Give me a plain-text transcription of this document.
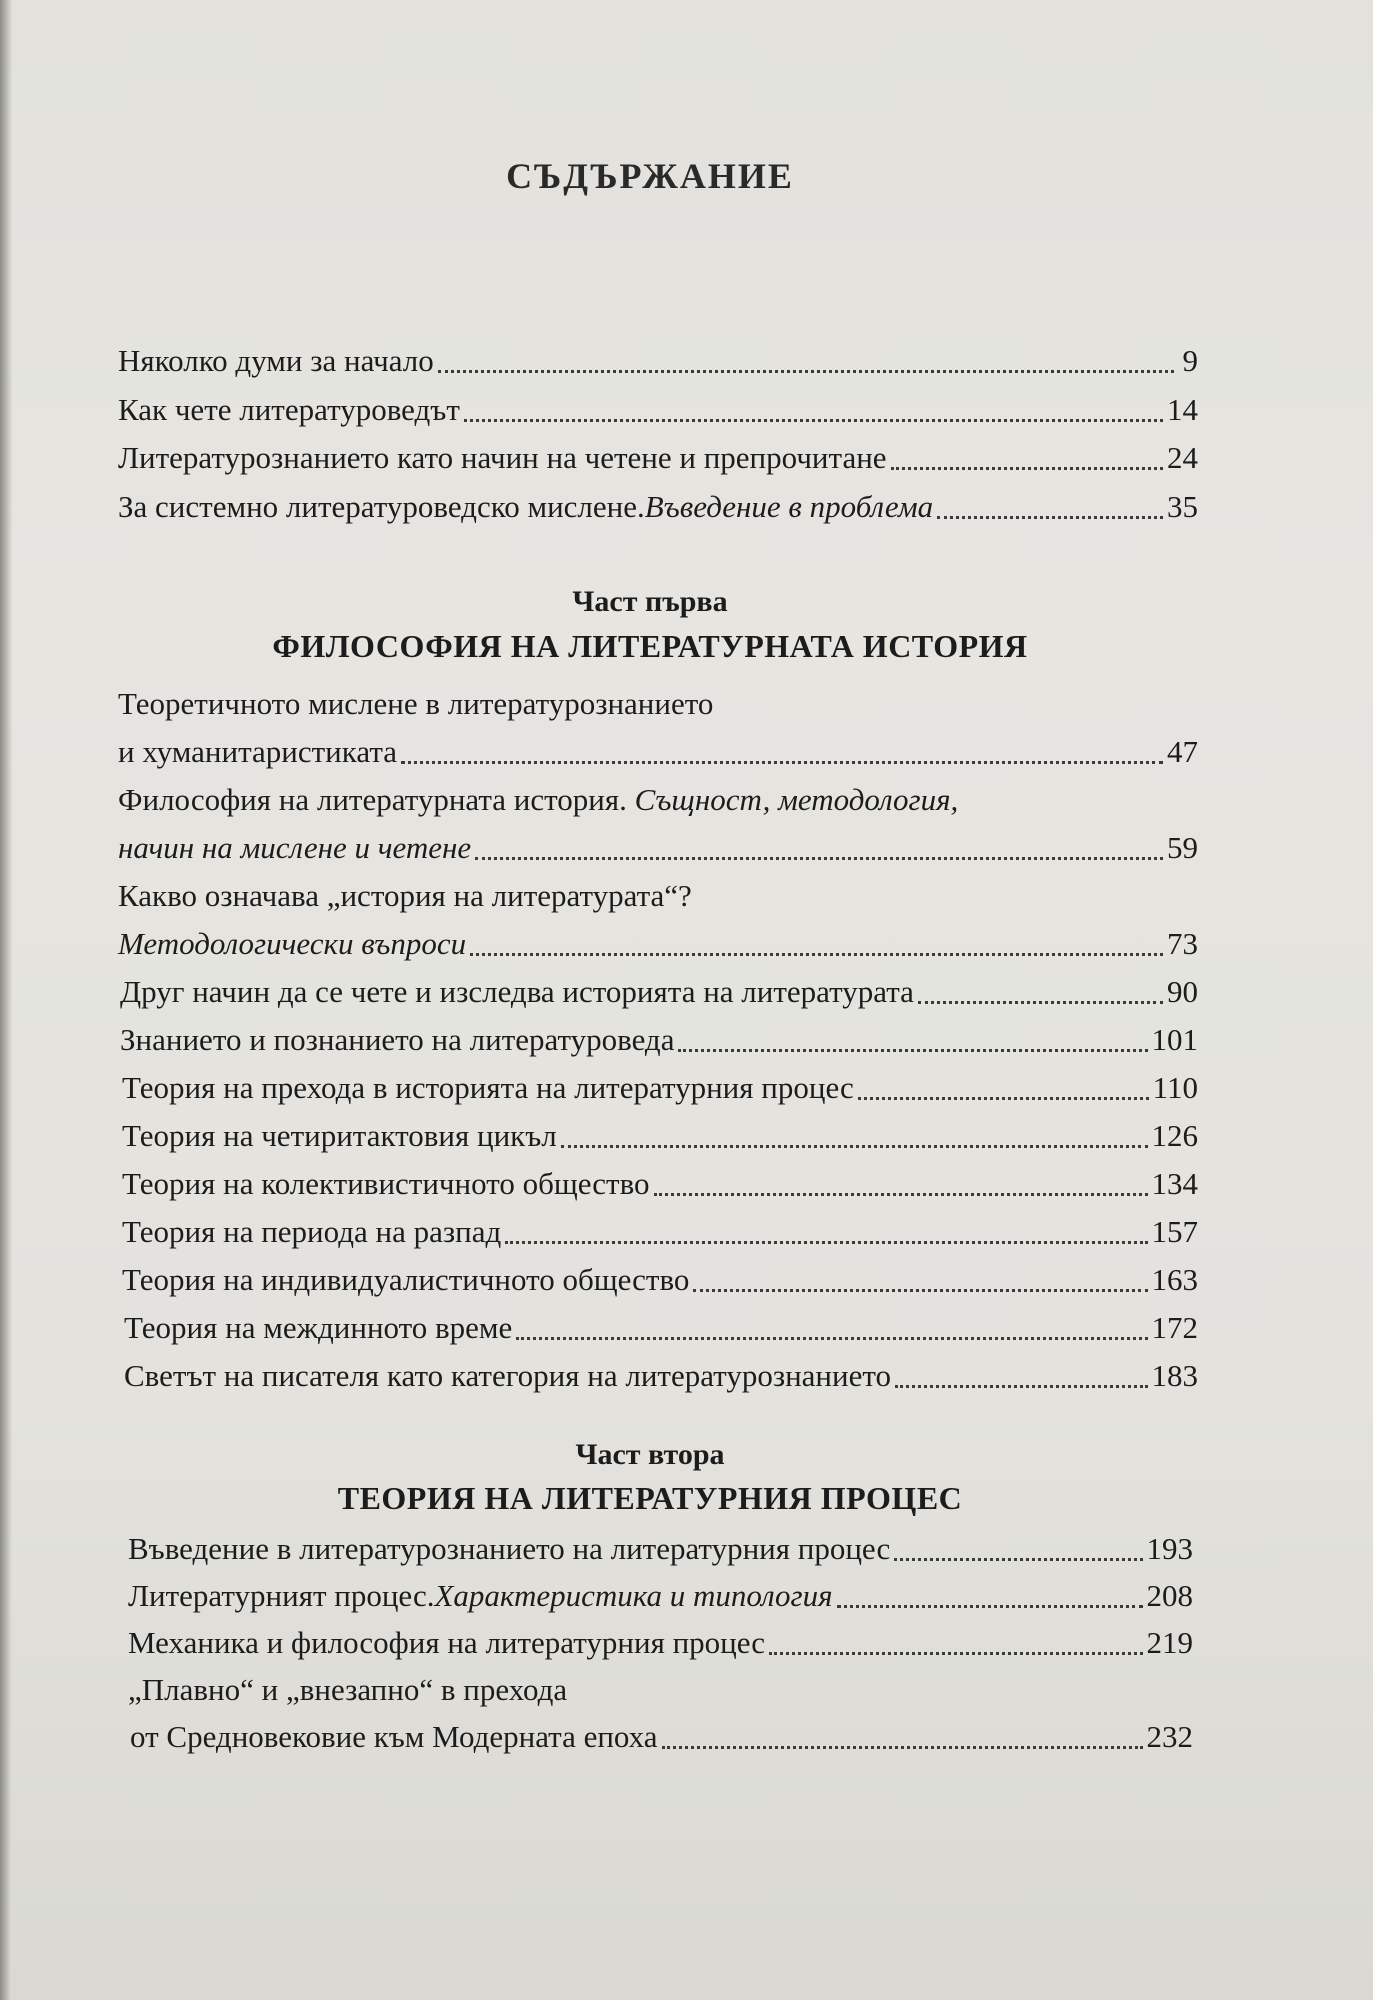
СЪДЪРЖАНИЕ
Няколко думи за начало	9
Как чете литературоведът	14
Литературознанието като начин на четене и препрочитане	24
За системно литературоведско мислене. Въведение в проблема	35
Част първа
ФИЛОСОФИЯ НА ЛИТЕРАТУРНАТА ИСТОРИЯ
Теоретичното мислене в литературознанието
и хуманитаристиката	47
Философия на литературната история. Същност, методология,
начин на мислене и четене	59
Какво означава „история на литературата“?
Методологически въпроси	73
Друг начин да се чете и изследва историята на литературата	90
Знанието и познанието на литературоведа	101
Теория на прехода в историята на литературния процес	110
Теория на четиритактовия цикъл	126
Теория на колективистичното общество	134
Теория на периода на разпад	157
Теория на индивидуалистичното общество	163
Теория на междинното време	172
Светът на писателя като категория на литературознанието	183
Част втора
ТЕОРИЯ НА ЛИТЕРАТУРНИЯ ПРОЦЕС
Въведение в литературознанието на литературния процес	193
Литературният процес. Характеристика и типология	208
Механика и философия на литературния процес	219
„Плавно“ и „внезапно“ в прехода
от Средновековие към Модерната епоха	232
